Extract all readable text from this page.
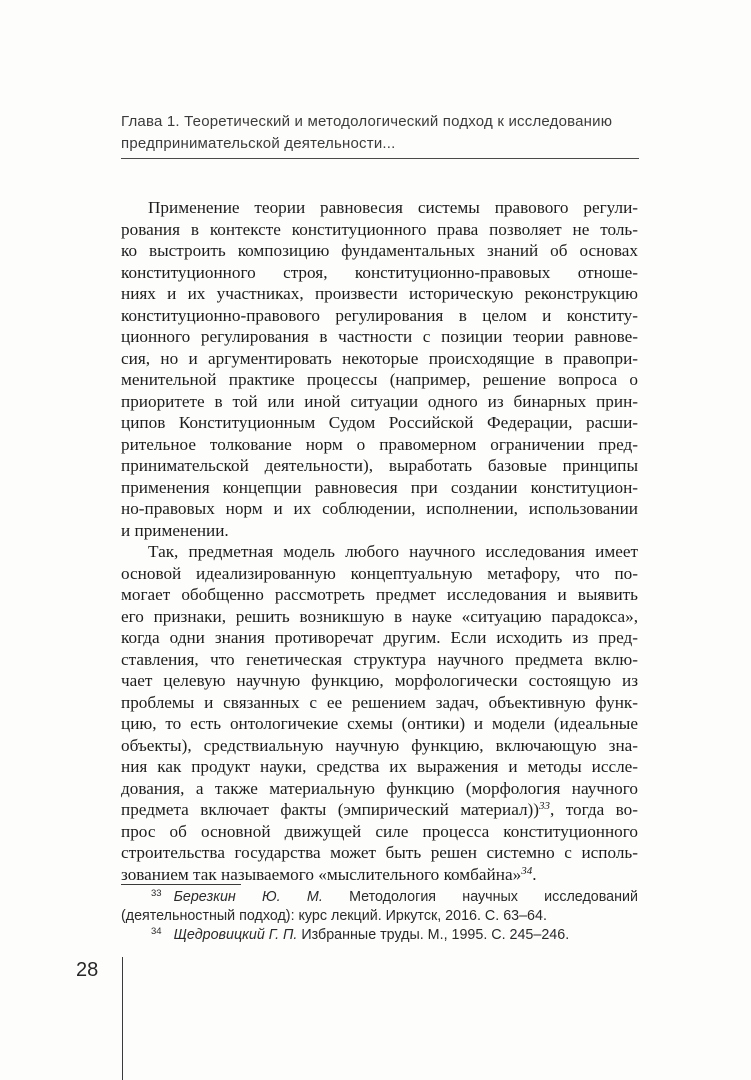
Глава 1. Теоретический и методологический подход к исследованию
предпринимательской деятельности...
Применение теории равновесия системы правового регули-
рования в контексте конституционного права позволяет не толь-
ко выстроить композицию фундаментальных знаний об основах
конституционного строя, конституционно-правовых отноше-
ниях и их участниках, произвести историческую реконструкцию
конституционно-правового регулирования в целом и конститу-
ционного регулирования в частности с позиции теории равнове-
сия, но и аргументировать некоторые происходящие в правопри-
менительной практике процессы (например, решение вопроса о
приоритете в той или иной ситуации одного из бинарных прин-
ципов Конституционным Судом Российской Федерации, расши-
рительное толкование норм о правомерном ограничении пред-
принимательской деятельности), выработать базовые принципы
применения концепции равновесия при создании конституцион-
но-правовых норм и их соблюдении, исполнении, использовании
и применении.
Так, предметная модель любого научного исследования имеет
основой идеализированную концептуальную метафору, что по-
могает обобщенно рассмотреть предмет исследования и выявить
его признаки, решить возникшую в науке «ситуацию парадокса»,
когда одни знания противоречат другим. Если исходить из пред-
ставления, что генетическая структура научного предмета вклю-
чает целевую научную функцию, морфологически состоящую из
проблемы и связанных с ее решением задач, объективную функ-
цию, то есть онтологичекие схемы (онтики) и модели (идеальные
объекты), средствиальную научную функцию, включающую зна-
ния как продукт науки, средства их выражения и методы иссле-
дования, а также материальную функцию (морфология научного
предмета включает факты (эмпирический материал))$^{33}$, тогда во-
прос об основной движущей силе процесса конституционного
строительства государства может быть решен системно с исполь-
зованием так называемого «мыслительного комбайна»$^{34}$.
$^{33}$ Березкин Ю. М. Методология научных исследований (деятельностный подход): курс лекций. Иркутск, 2016. С. 63–64.
$^{34}$ Щедровицкий Г. П. Избранные труды. М., 1995. С. 245–246.
28
